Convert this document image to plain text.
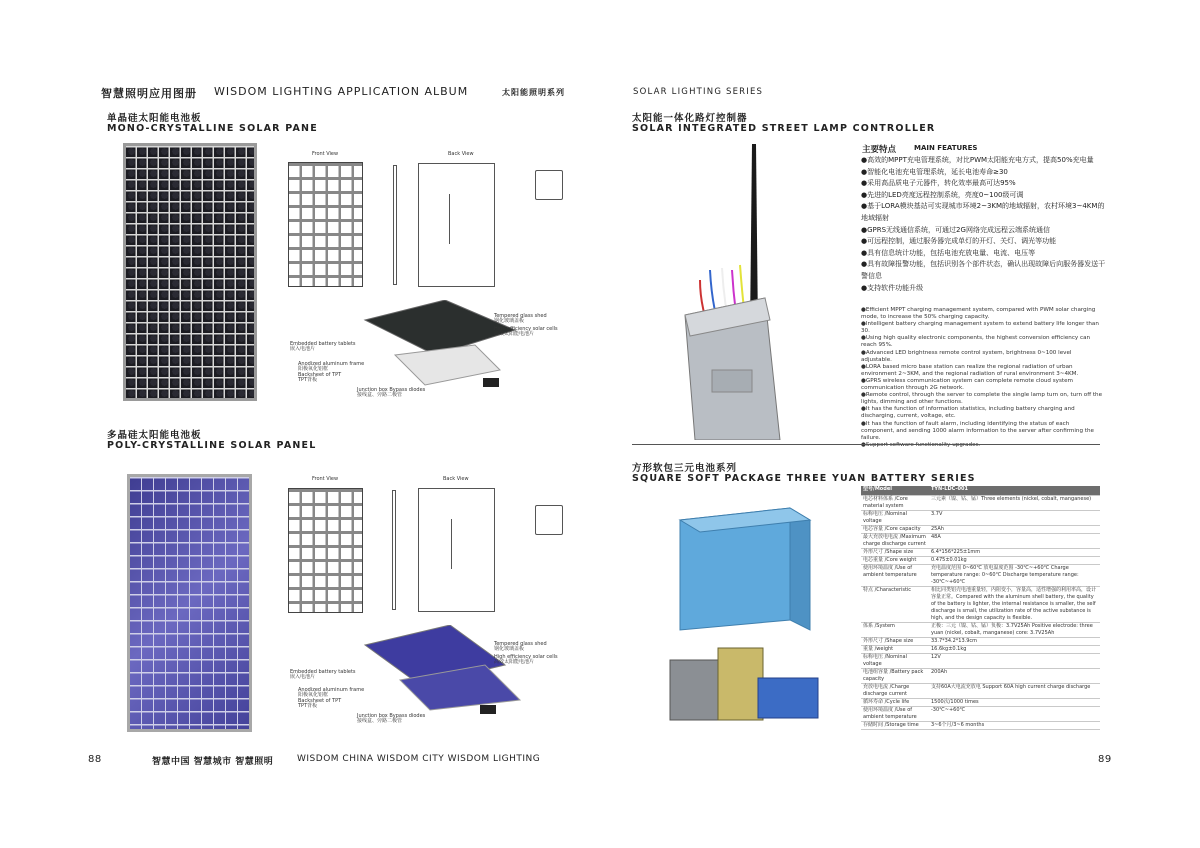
智慧照明应用图册 WISDOM LIGHTING APPLICATION ALBUM	太阳能照明系列
单晶硅太阳能电池板
MONO-CRYSTALLINE SOLAR PANE
Front View	Back View
Tempered glass shed
钢化玻璃盖板
High efficiency solar cells
高效太阳能电池片
Embedded battery tablets
嵌入电池片
Anodized aluminum frame
阳极氧化铝框
Backsheet of TPT
TPT背板
Junction box Bypass diodes
接线盒、旁路二极管
多晶硅太阳能电池板
POLY-CRYSTALLINE SOLAR PANEL
Front View	Back View
Tempered glass shed
钢化玻璃盖板
High efficiency solar cells
高效太阳能电池片
Embedded battery tablets
嵌入电池片
Anodized aluminum frame
阳极氧化铝框
Backsheet of TPT
TPT背板
Junction box Bypass diodes
接线盒、旁路二极管
SOLAR LIGHTING SERIES
太阳能一体化路灯控制器
SOLAR INTEGRATED STREET LAMP CONTROLLER
主要特点	MAIN FEATURES
●高效的MPPT充电管理系统，对比PWM太阳能充电方式，提高50%充电量
●智能化电池充电管理系统，延长电池寿命≥30
●采用高品质电子元器件，转化效率最高可达95%
●先进的LED亮度远程控制系统，亮度0~100级可调
●基于LORA模块基站可实现城市环境2~3KM的地域辐射，农村环境3~4KM的地域辐射
●GPRS无线通信系统，可通过2G网络完成远程云端系统通信
●可远程控制，通过服务器完成单灯的开灯、关灯、调光等功能
●具有信息统计功能，包括电池充放电量、电流、电压等
●具有故障报警功能，包括识别各个部件状态，确认出现故障后向服务器发送干警信息
●支持软件功能升级
●Efficient MPPT charging management system, compared with PWM solar charging mode, to increase the 50% charging capacity.
●Intelligent battery charging management system to extend battery life longer than 30.
●Using high quality electronic components, the highest conversion efficiency can reach 95%.
●Advanced LED brightness remote control system, brightness 0~100 level adjustable.
●LORA based micro base station can realize the regional radiation of urban environment 2~3KM, and the regional radiation of rural environment 3~4KM.
●GPRS wireless communication system can complete remote cloud system communication through 2G network.
●Remote control, through the server to complete the single lamp turn on, turn off the lights, dimming and other functions.
●It has the function of information statistics, including battery charging and discharging, current, voltage, etc.
●It has the function of fault alarm, including identifying the status of each component, and sending 1000 alarm information to the server after confirming the failure.
方形软包三元电池系列
SQUARE SOFT PACKAGE THREE YUAN BATTERY SERIES
型号/Model	TYN-LDC-001
电芯材料体系 /Core material system	三元素（镍、钴、锰）Three elements (nickel, cobalt, manganese)
标称电压 /Nominal voltage	3.7V
电芯容量 /Core capacity	25Ah
最大充放电电流 /Maximum charge discharge current	48A
外形尺寸 /Shape size	6.4*156*225±1mm
电芯重量 /Core weight	0.475±0.01kg
使用环境温度 /Use of ambient temperature	充电温度范围 0~60℃ 放电温度范围 -30℃~+60℃ Charge temperature range: 0~60℃ Discharge temperature range: -30℃~+60℃
特点 /Characteristic	相比同类铝壳电池重量轻，内阻变小，容量高，适性增强的利用率高，设计容量正常。Compared with the aluminum shell battery, the quality of the battery is lighter, the internal resistance is smaller, the self discharge is small, the utilization rate of the active substance is high, and the design capacity is flexible.
体系 /System	正极：三元（镍、钴、锰）负极：3.7V25Ah Positive electrode: three yuan (nickel, cobalt, manganese) core: 3.7V25Ah
外形尺寸 /Shape size	33.7*34.2*13.9cm
重量 /weight	16.6kg±0.1kg
标称电压 /Nominal voltage	12V
电池组容量 /Battery pack capacity	200Ah
充放电电流 /Charge discharge current	支持60A大电流充放电 Support 60A high current charge discharge
循环寿命 /Cycle life	1500次/1000 times
使用环境温度 /Use of ambient temperature	-30℃~+60℃
存储时间 /Storage time	3~6个月/3~6 months
88	智慧中国 智慧城市 智慧照明	WISDOM CHINA WISDOM CITY WISDOM LIGHTING	89
